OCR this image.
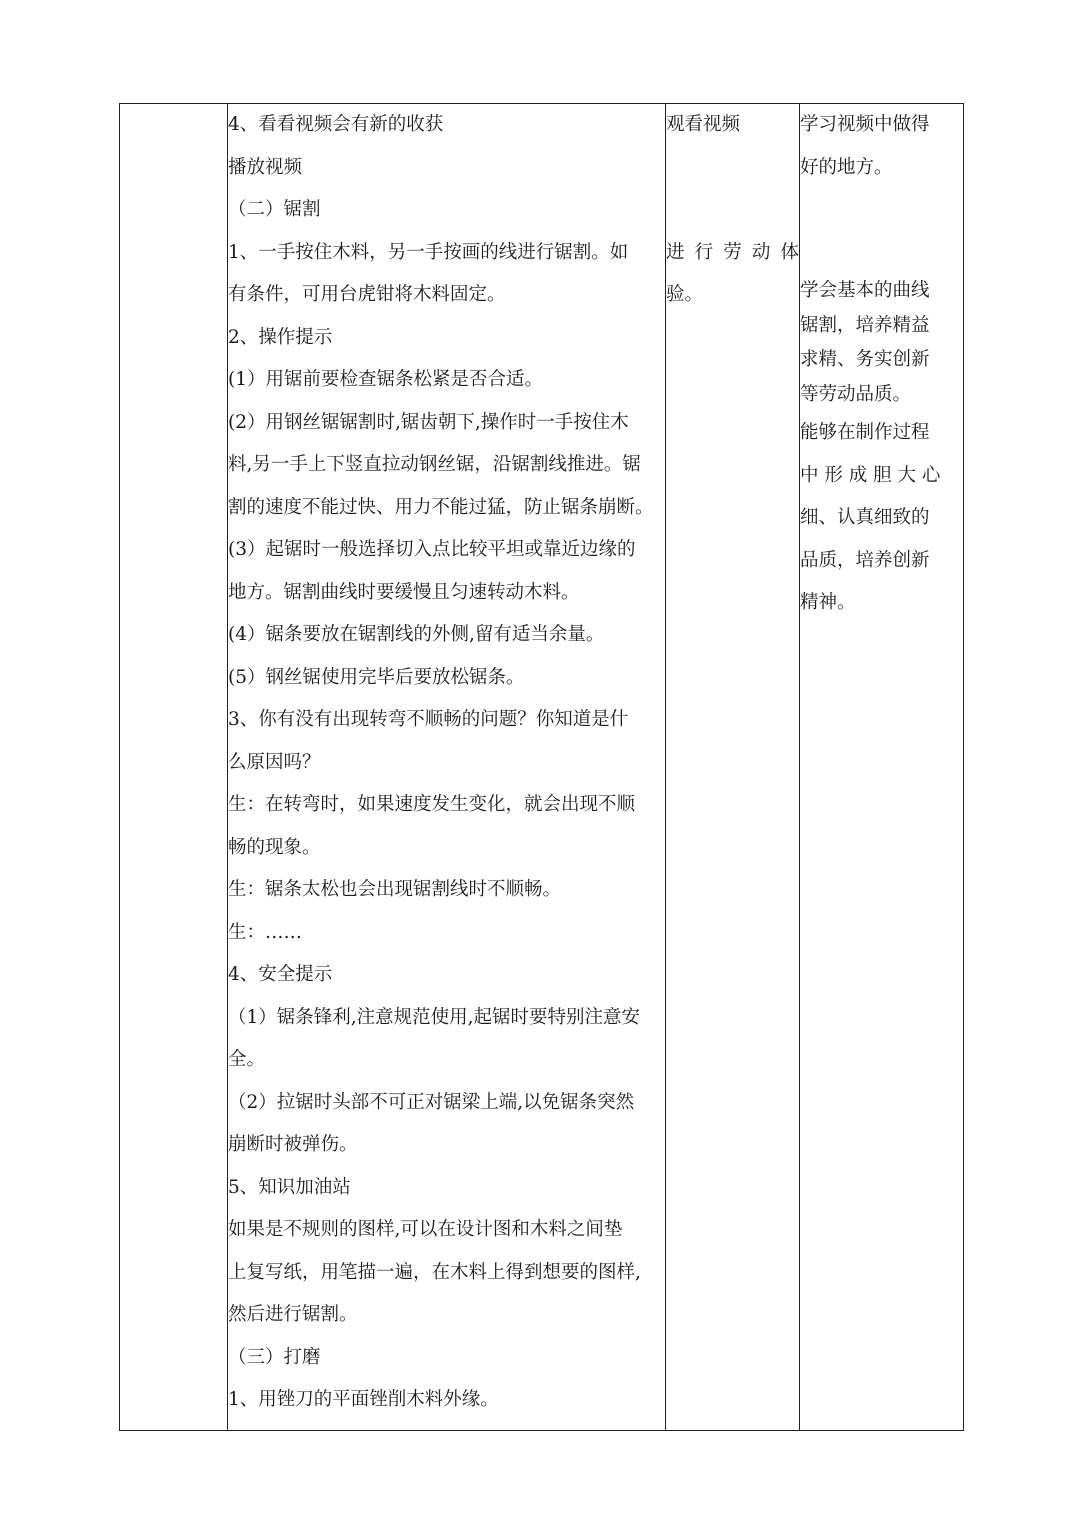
4、看看视频会有新的收获
播放视频
（二）锯割
1、一手按住木料，另一手按画的线进行锯割。如
有条件，可用台虎钳将木料固定。
2、操作提示
(1）用锯前要检查锯条松紧是否合适。
(2）用钢丝锯锯割时,锯齿朝下,操作时一手按住木
料,另一手上下竖直拉动钢丝锯，沿锯割线推进。锯
割的速度不能过快、用力不能过猛，防止锯条崩断。
(3）起锯时一般选择切入点比较平坦或靠近边缘的
地方。锯割曲线时要缓慢且匀速转动木料。
(4）锯条要放在锯割线的外侧,留有适当余量。
(5）钢丝锯使用完毕后要放松锯条。
3、你有没有出现转弯不顺畅的问题？你知道是什
么原因吗？
生：在转弯时，如果速度发生变化，就会出现不顺
畅的现象。
生：锯条太松也会出现锯割线时不顺畅。
生：……
4、安全提示
（1）锯条锋利,注意规范使用,起锯时要特别注意安
全。
（2）拉锯时头部不可正对锯梁上端,以免锯条突然
崩断时被弹伤。
5、知识加油站
如果是不规则的图样,可以在设计图和木料之间垫
上复写纸，用笔描一遍，在木料上得到想要的图样,
然后进行锯割。
（三）打磨
1、用锉刀的平面锉削木料外缘。

观看视频
进 行 劳 动 体
验。

学习视频中做得
好的地方。
学会基本的曲线
锯割，培养精益
求精、务实创新
等劳动品质。
能够在制作过程
中 形 成 胆 大 心
细、认真细致的
品质，培养创新
精神。
